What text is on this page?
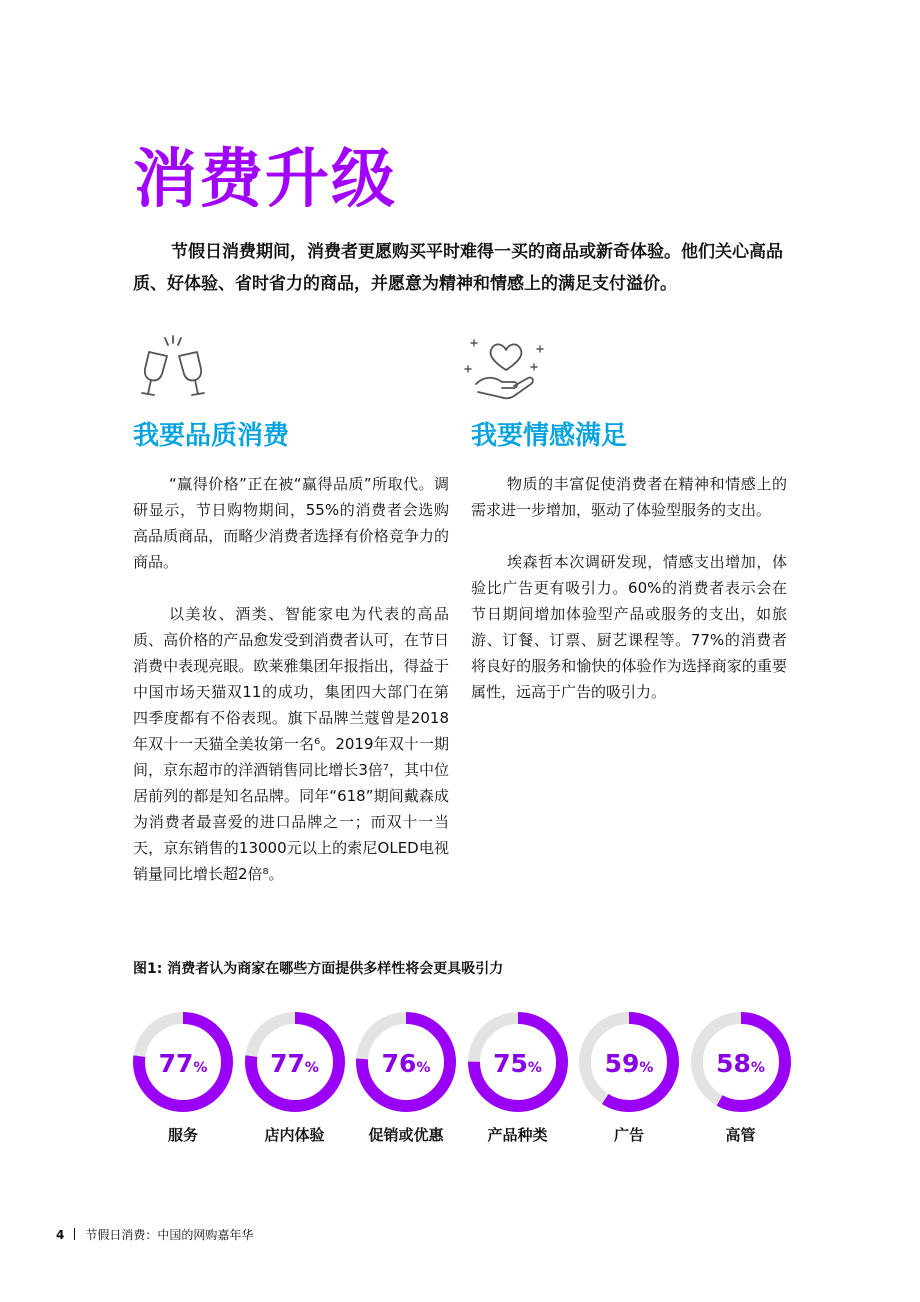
消费升级

节假日消费期间，消费者更愿购买平时难得一买的商品或新奇体验。他们关心高品质、好体验、省时省力的商品，并愿意为精神和情感上的满足支付溢价。

我要品质消费	我要情感满足

“赢得价格”正在被“赢得品质”所取代。调研显示，节日购物期间，55%的消费者会选购高品质商品，而略少消费者选择有价格竞争力的商品。

以美妆、酒类、智能家电为代表的高品质、高价格的产品愈发受到消费者认可，在节日消费中表现亮眼。欧莱雅集团年报指出，得益于中国市场天猫双11的成功，集团四大部门在第四季度都有不俗表现。旗下品牌兰蔻曾是2018年双十一天猫全美妆第一名⁶。2019年双十一期间，京东超市的洋酒销售同比增长3倍⁷，其中位居前列的都是知名品牌。同年“618”期间戴森成为消费者最喜爱的进口品牌之一；而双十一当天，京东销售的13000元以上的索尼OLED电视销量同比增长超2倍⁸。

物质的丰富促使消费者在精神和情感上的需求进一步增加，驱动了体验型服务的支出。

埃森哲本次调研发现，情感支出增加，体验比广告更有吸引力。60%的消费者表示会在节日期间增加体验型产品或服务的支出，如旅游、订餐、订票、厨艺课程等。77%的消费者将良好的服务和愉快的体验作为选择商家的重要属性，远高于广告的吸引力。

图1: 消费者认为商家在哪些方面提供多样性将会更具吸引力

77%
服务
77%
店内体验
76%
促销或优惠
75%
产品种类
59%
广告
58%
高管
4 节假日消费：中国的网购嘉年华
